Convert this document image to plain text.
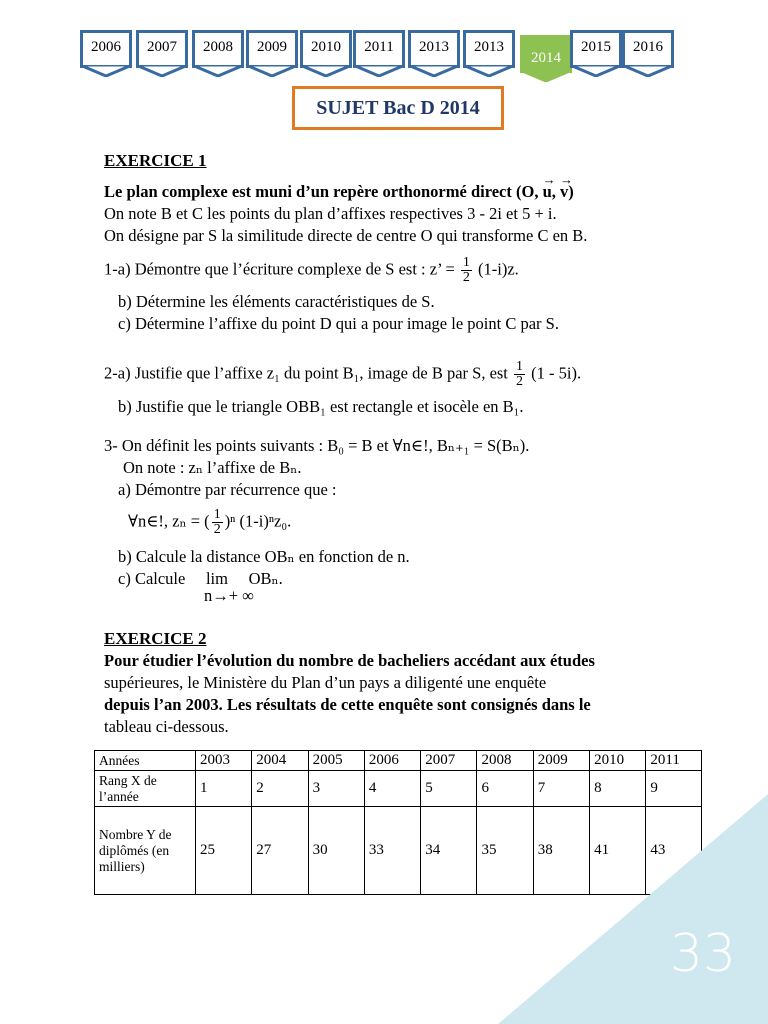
2006	2007	2008	2009	2010	2011	2013	2013
2014
2015	2016
SUJET Bac D 2014
EXERCICE 1
Le plan complexe est muni d’un repère orthonormé direct (O, → u, → v)
On note B et C les points du plan d’affixes respectives 3 - 2i et 5 + i.
On désigne par S la similitude directe de centre O qui transforme C en B.
1-a) Démontre que l’écriture complexe de S est : z’ = $\frac{1}{2} (1-i)z$.
b) Détermine les éléments caractéristiques de S.
c) Détermine l’affixe du point D qui a pour image le point C par S.
2-a) Justifie que l’affixe z₁ du point B₁, image de B par S, est $\frac{1}{2} (1 - 5i)$.
b) Justifie que le triangle OBB₁ est rectangle et isocèle en B₁.
3- On définit les points suivants : B₀ = B et ∀n∈!, Bₙ₊₁ = S(Bₙ).
On note : zₙ l’affixe de Bₙ.
a) Démontre par récurrence que :
∀n∈!, zₙ = ( $\frac{1}{2} )^n$ (1-i)ⁿz₀.
b) Calcule la distance OBₙ en fonction de n.
c) Calcule     lim     OBₙ.
n→+ ∞
EXERCICE 2
Pour étudier l’évolution du nombre de bacheliers accédant aux études
supérieures, le Ministère du Plan d’un pays a diligenté une enquête
depuis l’an 2003. Les résultats de cette enquête sont consignés dans le
tableau ci-dessous.
Années	2003	2004	2005	2006	2007	2008	2009	2010	2011
Rang X de l’année	1	2	3	4	5	6	7	8	9
Nombre Y de diplômés (en milliers)	25	27	30	33	34	35	38	41	43
33
